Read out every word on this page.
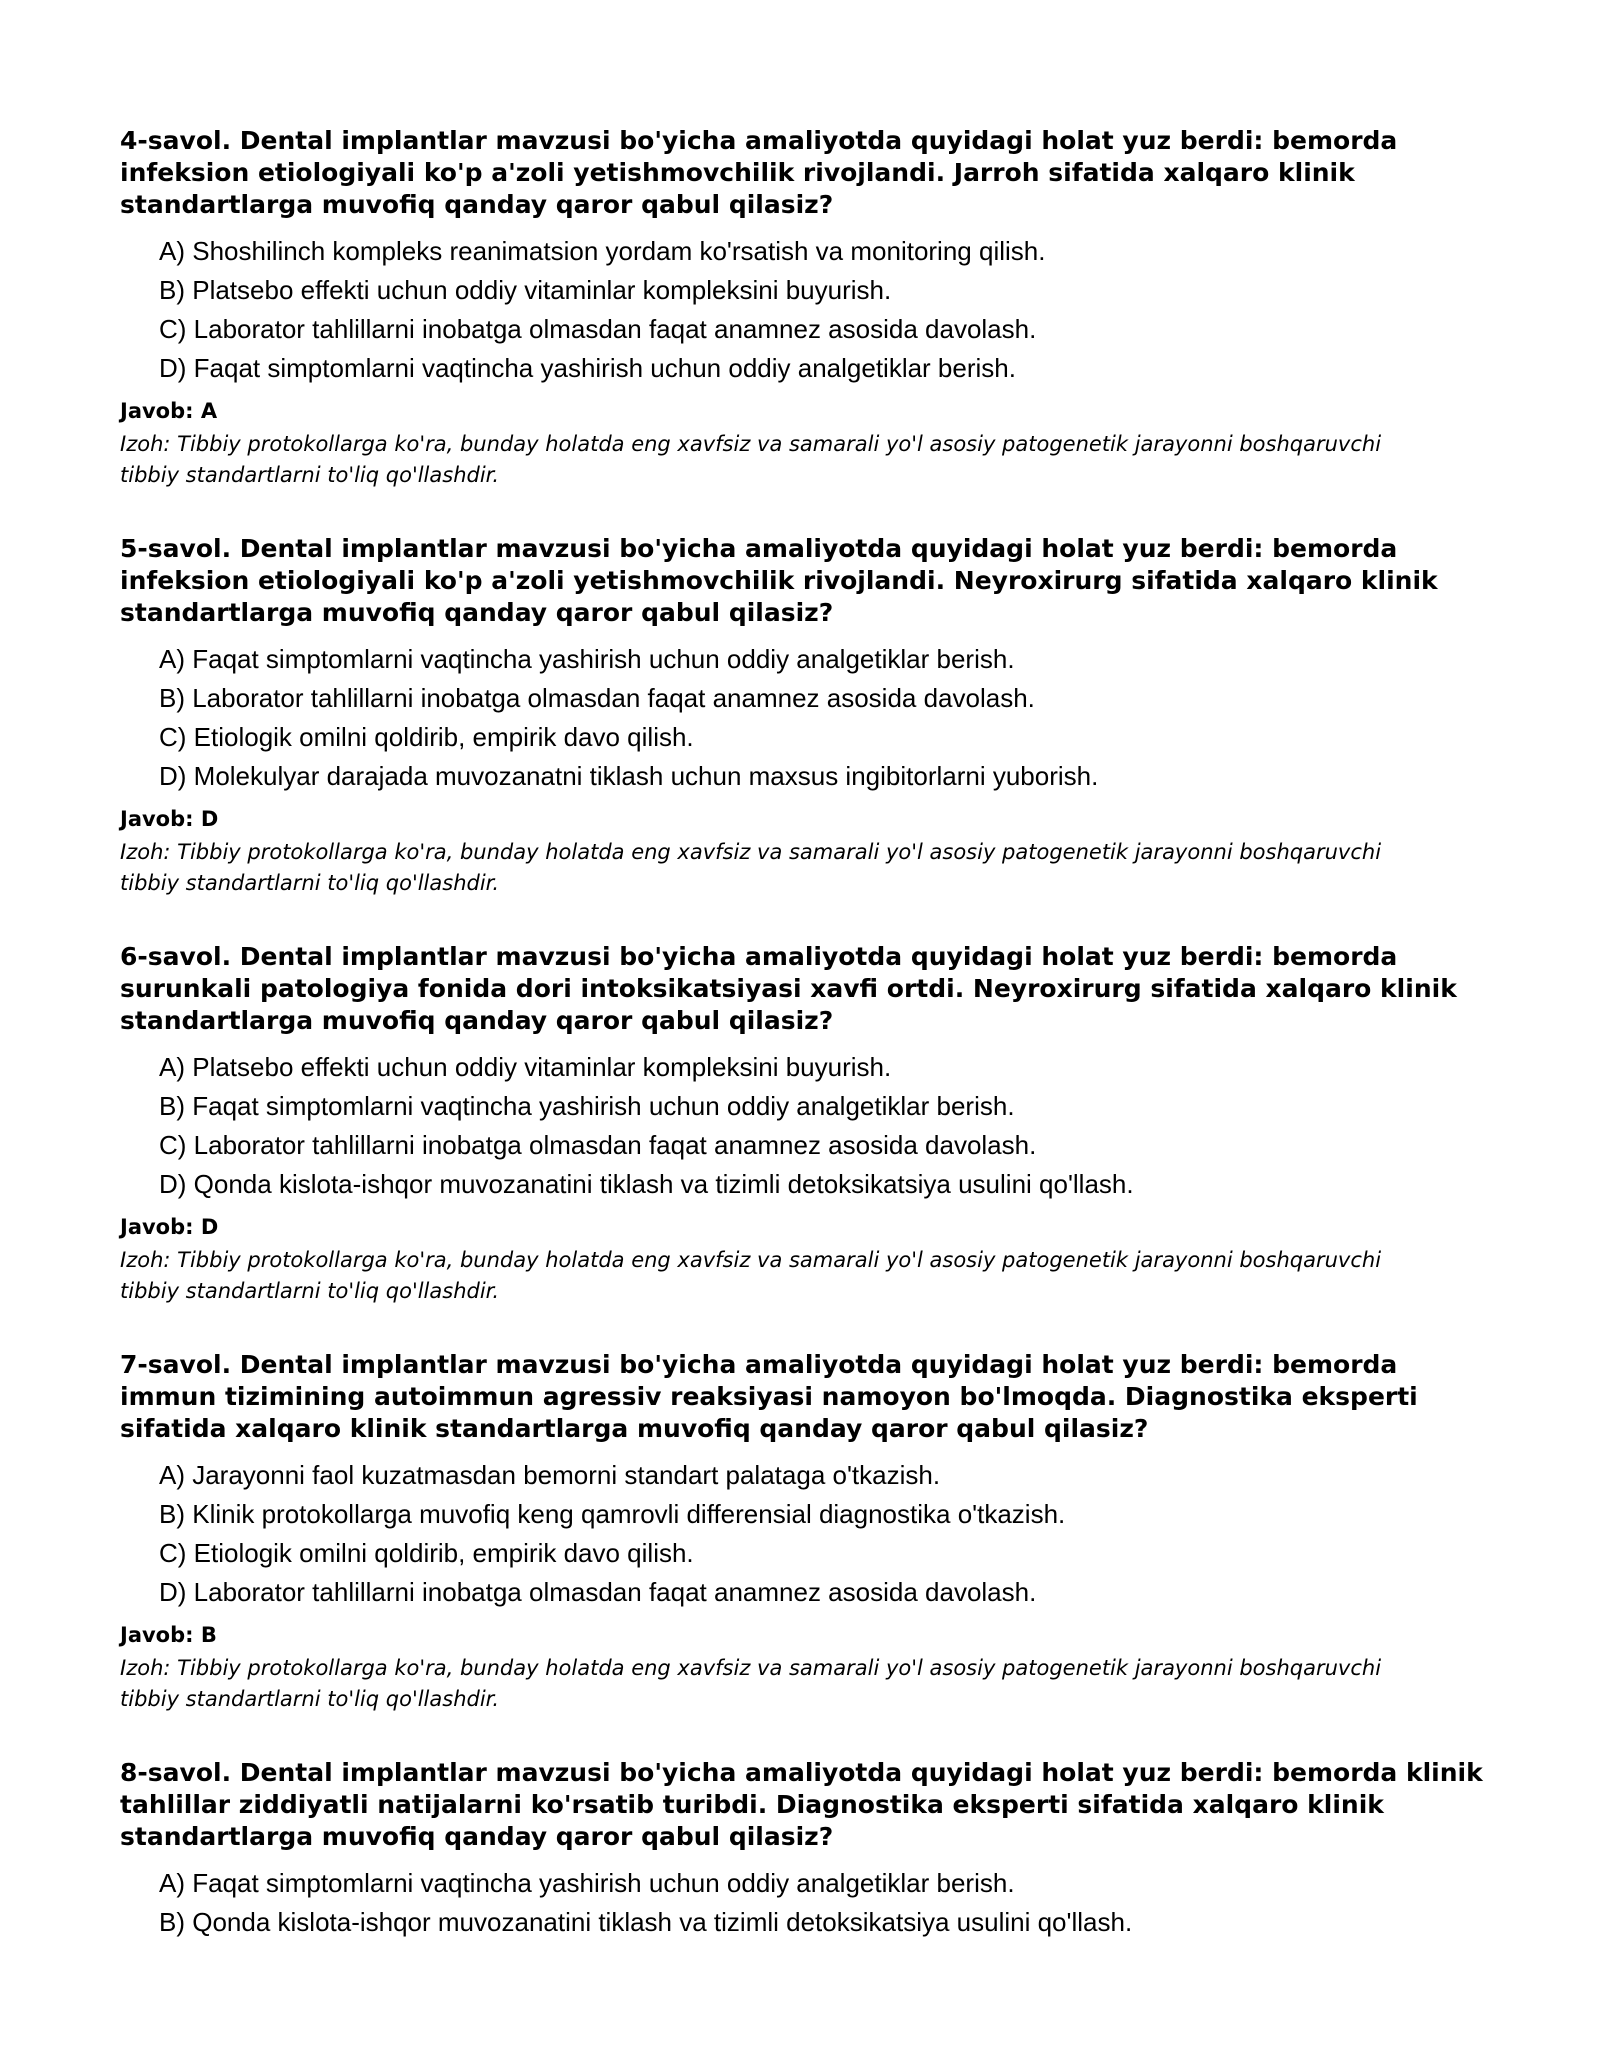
4-savol. Dental implantlar mavzusi bo'yicha amaliyotda quyidagi holat yuz berdi: bemorda infeksion etiologiyali ko'p a'zoli yetishmovchilik rivojlandi. Jarroh sifatida xalqaro klinik standartlarga muvofiq qanday qaror qabul qilasiz?

A) Shoshilinch kompleks reanimatsion yordam ko'rsatish va monitoring qilish.
B) Platsebo effekti uchun oddiy vitaminlar kompleksini buyurish.
C) Laborator tahlillarni inobatga olmasdan faqat anamnez asosida davolash.
D) Faqat simptomlarni vaqtincha yashirish uchun oddiy analgetiklar berish.

Javob: A

Izoh: Tibbiy protokollarga ko'ra, bunday holatda eng xavfsiz va samarali yo'l asosiy patogenetik jarayonni boshqaruvchi tibbiy standartlarni to'liq qo'llashdir.

5-savol. Dental implantlar mavzusi bo'yicha amaliyotda quyidagi holat yuz berdi: bemorda infeksion etiologiyali ko'p a'zoli yetishmovchilik rivojlandi. Neyroxirurg sifatida xalqaro klinik standartlarga muvofiq qanday qaror qabul qilasiz?

A) Faqat simptomlarni vaqtincha yashirish uchun oddiy analgetiklar berish.
B) Laborator tahlillarni inobatga olmasdan faqat anamnez asosida davolash.
C) Etiologik omilni qoldirib, empirik davo qilish.
D) Molekulyar darajada muvozanatni tiklash uchun maxsus ingibitorlarni yuborish.

Javob: D

Izoh: Tibbiy protokollarga ko'ra, bunday holatda eng xavfsiz va samarali yo'l asosiy patogenetik jarayonni boshqaruvchi tibbiy standartlarni to'liq qo'llashdir.

6-savol. Dental implantlar mavzusi bo'yicha amaliyotda quyidagi holat yuz berdi: bemorda surunkali patologiya fonida dori intoksikatsiyasi xavfi ortdi. Neyroxirurg sifatida xalqaro klinik standartlarga muvofiq qanday qaror qabul qilasiz?

A) Platsebo effekti uchun oddiy vitaminlar kompleksini buyurish.
B) Faqat simptomlarni vaqtincha yashirish uchun oddiy analgetiklar berish.
C) Laborator tahlillarni inobatga olmasdan faqat anamnez asosida davolash.
D) Qonda kislota-ishqor muvozanatini tiklash va tizimli detoksikatsiya usulini qo'llash.

Javob: D

Izoh: Tibbiy protokollarga ko'ra, bunday holatda eng xavfsiz va samarali yo'l asosiy patogenetik jarayonni boshqaruvchi tibbiy standartlarni to'liq qo'llashdir.

7-savol. Dental implantlar mavzusi bo'yicha amaliyotda quyidagi holat yuz berdi: bemorda immun tizimining autoimmun agressiv reaksiyasi namoyon bo'lmoqda. Diagnostika eksperti sifatida xalqaro klinik standartlarga muvofiq qanday qaror qabul qilasiz?

A) Jarayonni faol kuzatmasdan bemorni standart palataga o'tkazish.
B) Klinik protokollarga muvofiq keng qamrovli differensial diagnostika o'tkazish.
C) Etiologik omilni qoldirib, empirik davo qilish.
D) Laborator tahlillarni inobatga olmasdan faqat anamnez asosida davolash.

Javob: B

Izoh: Tibbiy protokollarga ko'ra, bunday holatda eng xavfsiz va samarali yo'l asosiy patogenetik jarayonni boshqaruvchi tibbiy standartlarni to'liq qo'llashdir.

8-savol. Dental implantlar mavzusi bo'yicha amaliyotda quyidagi holat yuz berdi: bemorda klinik tahlillar ziddiyatli natijalarni ko'rsatib turibdi. Diagnostika eksperti sifatida xalqaro klinik standartlarga muvofiq qanday qaror qabul qilasiz?

A) Faqat simptomlarni vaqtincha yashirish uchun oddiy analgetiklar berish.
B) Qonda kislota-ishqor muvozanatini tiklash va tizimli detoksikatsiya usulini qo'llash.
